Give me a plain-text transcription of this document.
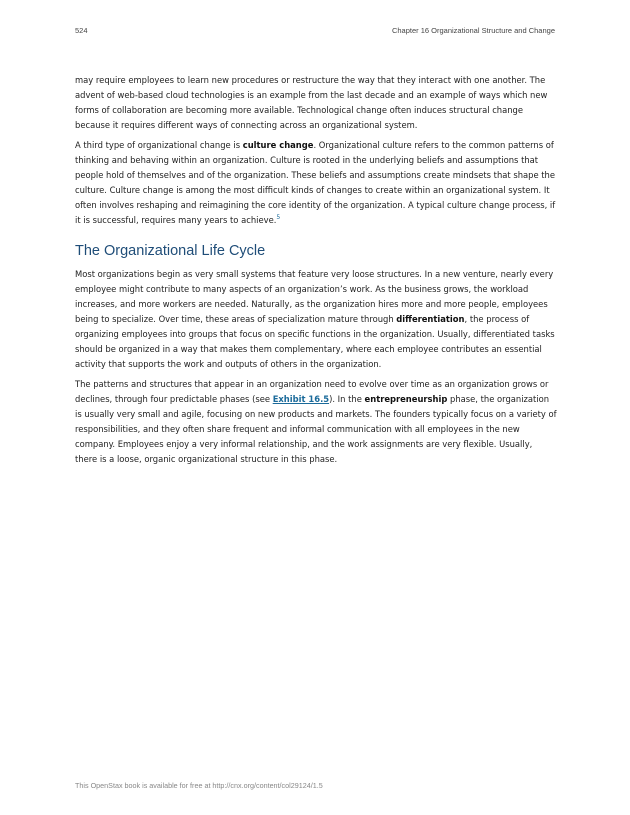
524	Chapter 16 Organizational Structure and Change

may require employees to learn new procedures or restructure the way that they interact with one another. The advent of web-based cloud technologies is an example from the last decade and an example of ways which new forms of collaboration are becoming more available. Technological change often induces structural change because it requires different ways of connecting across an organizational system.

A third type of organizational change is culture change. Organizational culture refers to the common patterns of thinking and behaving within an organization. Culture is rooted in the underlying beliefs and assumptions that people hold of themselves and of the organization. These beliefs and assumptions create mindsets that shape the culture. Culture change is among the most difficult kinds of changes to create within an organizational system. It often involves reshaping and reimagining the core identity of the organization. A typical culture change process, if it is successful, requires many years to achieve.$^5$

The Organizational Life Cycle

Most organizations begin as very small systems that feature very loose structures. In a new venture, nearly every employee might contribute to many aspects of an organization’s work. As the business grows, the workload increases, and more workers are needed. Naturally, as the organization hires more and more people, employees being to specialize. Over time, these areas of specialization mature through differentiation, the process of organizing employees into groups that focus on specific functions in the organization. Usually, differentiated tasks should be organized in a way that makes them complementary, where each employee contributes an essential activity that supports the work and outputs of others in the organization.

The patterns and structures that appear in an organization need to evolve over time as an organization grows or declines, through four predictable phases (see Exhibit 16.5). In the entrepreneurship phase, the organization is usually very small and agile, focusing on new products and markets. The founders typically focus on a variety of responsibilities, and they often share frequent and informal communication with all employees in the new company. Employees enjoy a very informal relationship, and the work assignments are very flexible. Usually, there is a loose, organic organizational structure in this phase.

This OpenStax book is available for free at http://cnx.org/content/col29124/1.5
